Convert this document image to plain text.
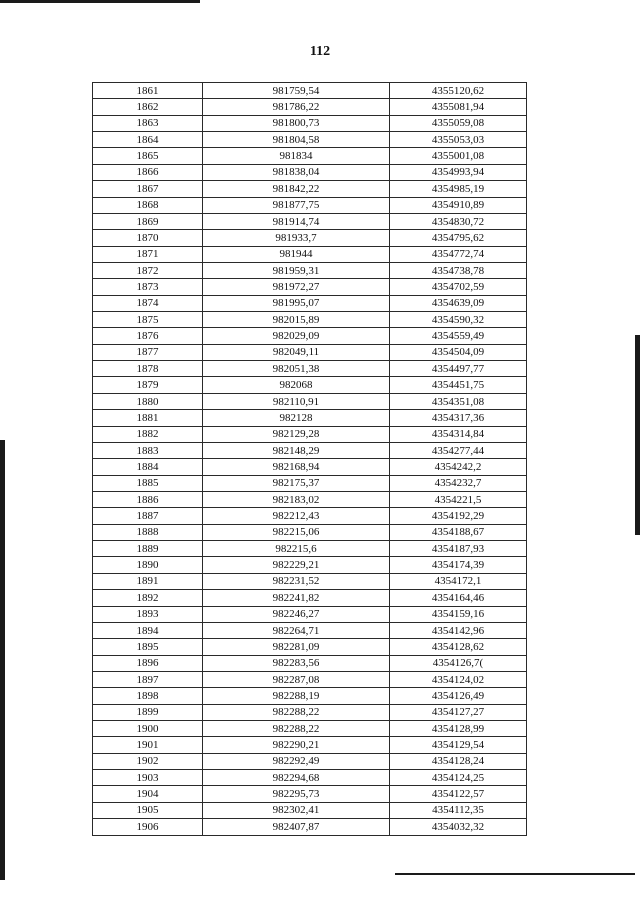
112
1861	981759,54	4355120,62
1862	981786,22	4355081,94
1863	981800,73	4355059,08
1864	981804,58	4355053,03
1865	981834	4355001,08
1866	981838,04	4354993,94
1867	981842,22	4354985,19
1868	981877,75	4354910,89
1869	981914,74	4354830,72
1870	981933,7	4354795,62
1871	981944	4354772,74
1872	981959,31	4354738,78
1873	981972,27	4354702,59
1874	981995,07	4354639,09
1875	982015,89	4354590,32
1876	982029,09	4354559,49
1877	982049,11	4354504,09
1878	982051,38	4354497,77
1879	982068	4354451,75
1880	982110,91	4354351,08
1881	982128	4354317,36
1882	982129,28	4354314,84
1883	982148,29	4354277,44
1884	982168,94	4354242,2
1885	982175,37	4354232,7
1886	982183,02	4354221,5
1887	982212,43	4354192,29
1888	982215,06	4354188,67
1889	982215,6	4354187,93
1890	982229,21	4354174,39
1891	982231,52	4354172,1
1892	982241,82	4354164,46
1893	982246,27	4354159,16
1894	982264,71	4354142,96
1895	982281,09	4354128,62
1896	982283,56	4354126,7(
1897	982287,08	4354124,02
1898	982288,19	4354126,49
1899	982288,22	4354127,27
1900	982288,22	4354128,99
1901	982290,21	4354129,54
1902	982292,49	4354128,24
1903	982294,68	4354124,25
1904	982295,73	4354122,57
1905	982302,41	4354112,35
1906	982407,87	4354032,32
